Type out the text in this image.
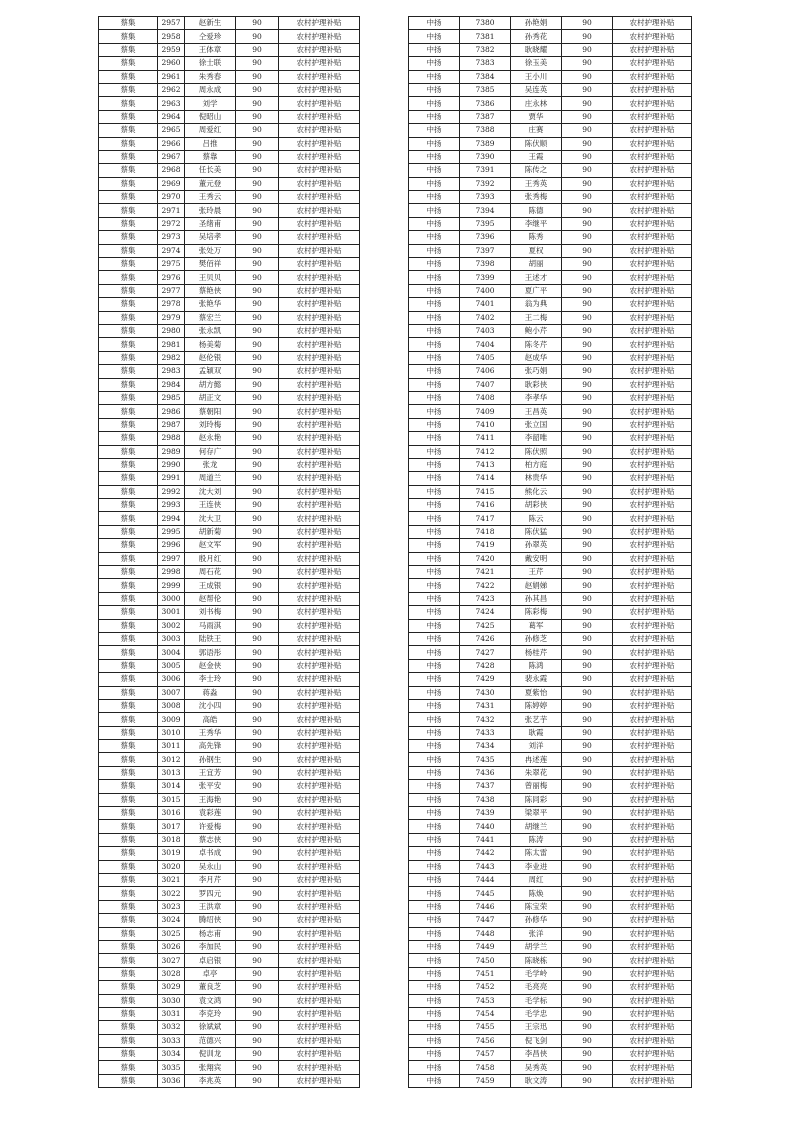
蔡集	2957	赵新生	90	农村护理补贴
蔡集	2958	仝爱珍	90	农村护理补贴
蔡集	2959	王体章	90	农村护理补贴
蔡集	2960	徐士联	90	农村护理补贴
蔡集	2961	朱秀春	90	农村护理补贴
蔡集	2962	周永成	90	农村护理补贴
蔡集	2963	刘学	90	农村护理补贴
蔡集	2964	倪昭山	90	农村护理补贴
蔡集	2965	周爱红	90	农村护理补贴
蔡集	2966	吕推	90	农村护理补贴
蔡集	2967	蔡靠	90	农村护理补贴
蔡集	2968	任长美	90	农村护理补贴
蔡集	2969	董元登	90	农村护理补贴
蔡集	2970	王秀云	90	农村护理补贴
蔡集	2971	张玲晨	90	农村护理补贴
蔡集	2972	圣绪甫	90	农村护理补贴
蔡集	2973	吴培孝	90	农村护理补贴
蔡集	2974	张处万	90	农村护理补贴
蔡集	2975	樊佰祥	90	农村护理补贴
蔡集	2976	王贝贝	90	农村护理补贴
蔡集	2977	蔡艳侠	90	农村护理补贴
蔡集	2978	张艳华	90	农村护理补贴
蔡集	2979	蔡宏兰	90	农村护理补贴
蔡集	2980	张永凯	90	农村护理补贴
蔡集	2981	杨美菊	90	农村护理补贴
蔡集	2982	赵伦银	90	农村护理补贴
蔡集	2983	孟颖双	90	农村护理补贴
蔡集	2984	胡方懿	90	农村护理补贴
蔡集	2985	胡正文	90	农村护理补贴
蔡集	2986	蔡朝阳	90	农村护理补贴
蔡集	2987	刘玲梅	90	农村护理补贴
蔡集	2988	赵永艳	90	农村护理补贴
蔡集	2989	何存广	90	农村护理补贴
蔡集	2990	张龙	90	农村护理补贴
蔡集	2991	周道兰	90	农村护理补贴
蔡集	2992	沈大刘	90	农村护理补贴
蔡集	2993	王连侠	90	农村护理补贴
蔡集	2994	沈大卫	90	农村护理补贴
蔡集	2995	胡新菊	90	农村护理补贴
蔡集	2996	赵文军	90	农村护理补贴
蔡集	2997	殷月红	90	农村护理补贴
蔡集	2998	周石花	90	农村护理补贴
蔡集	2999	王成银	90	农村护理补贴
蔡集	3000	赵帮伦	90	农村护理补贴
蔡集	3001	刘书梅	90	农村护理补贴
蔡集	3002	马雨淇	90	农村护理补贴
蔡集	3003	陆铁王	90	农村护理补贴
蔡集	3004	郭语彤	90	农村护理补贴
蔡集	3005	赵金侠	90	农村护理补贴
蔡集	3006	李士玲	90	农村护理补贴
蔡集	3007	蒋淼	90	农村护理补贴
蔡集	3008	沈小四	90	农村护理补贴
蔡集	3009	高皓	90	农村护理补贴
蔡集	3010	王秀华	90	农村护理补贴
蔡集	3011	高先锋	90	农村护理补贴
蔡集	3012	孙钢生	90	农村护理补贴
蔡集	3013	王宜芳	90	农村护理补贴
蔡集	3014	张平安	90	农村护理补贴
蔡集	3015	王海艳	90	农村护理补贴
蔡集	3016	袁彩莲	90	农村护理补贴
蔡集	3017	许爱梅	90	农村护理补贴
蔡集	3018	蔡志侠	90	农村护理补贴
蔡集	3019	卓书成	90	农村护理补贴
蔡集	3020	吴永山	90	农村护理补贴
蔡集	3021	李月芹	90	农村护理补贴
蔡集	3022	罗四元	90	农村护理补贴
蔡集	3023	王洪章	90	农村护理补贴
蔡集	3024	腾绍侠	90	农村护理补贴
蔡集	3025	杨志甫	90	农村护理补贴
蔡集	3026	李加民	90	农村护理补贴
蔡集	3027	卓启银	90	农村护理补贴
蔡集	3028	卓亭	90	农村护理补贴
蔡集	3029	董良芝	90	农村护理补贴
蔡集	3030	袁文鸿	90	农村护理补贴
蔡集	3031	李克玲	90	农村护理补贴
蔡集	3032	徐斌斌	90	农村护理补贴
蔡集	3033	范德兴	90	农村护理补贴
蔡集	3034	倪训龙	90	农村护理补贴
蔡集	3035	张翔宾	90	农村护理补贴
蔡集	3036	李兆英	90	农村护理补贴
中扬	7380	孙艳娟	90	农村护理补贴
中扬	7381	孙秀花	90	农村护理补贴
中扬	7382	耿晓耀	90	农村护理补贴
中扬	7383	徐玉美	90	农村护理补贴
中扬	7384	王小川	90	农村护理补贴
中扬	7385	吴连英	90	农村护理补贴
中扬	7386	庄永林	90	农村护理补贴
中扬	7387	贾华	90	农村护理补贴
中扬	7388	庄赛	90	农村护理补贴
中扬	7389	陈伏顺	90	农村护理补贴
中扬	7390	王霞	90	农村护理补贴
中扬	7391	陈传之	90	农村护理补贴
中扬	7392	王秀英	90	农村护理补贴
中扬	7393	张秀梅	90	农村护理补贴
中扬	7394	陈德	90	农村护理补贴
中扬	7395	李继平	90	农村护理补贴
中扬	7396	陈秀	90	农村护理补贴
中扬	7397	夏权	90	农村护理补贴
中扬	7398	胡丽	90	农村护理补贴
中扬	7399	王述才	90	农村护理补贴
中扬	7400	夏广平	90	农村护理补贴
中扬	7401	翁为典	90	农村护理补贴
中扬	7402	王二梅	90	农村护理补贴
中扬	7403	鲍小芹	90	农村护理补贴
中扬	7404	陈冬芹	90	农村护理补贴
中扬	7405	赵成华	90	农村护理补贴
中扬	7406	张巧娟	90	农村护理补贴
中扬	7407	耿彩侠	90	农村护理补贴
中扬	7408	李孝华	90	农村护理补贴
中扬	7409	王昌英	90	农村护理补贴
中扬	7410	张立国	90	农村护理补贴
中扬	7411	李韶唯	90	农村护理补贴
中扬	7412	陈伏照	90	农村护理补贴
中扬	7413	柏方庭	90	农村护理补贴
中扬	7414	林贵华	90	农村护理补贴
中扬	7415	熊化云	90	农村护理补贴
中扬	7416	胡彩侠	90	农村护理补贴
中扬	7417	陈云	90	农村护理补贴
中扬	7418	陈伏猛	90	农村护理补贴
中扬	7419	孙翠英	90	农村护理补贴
中扬	7420	戴安明	90	农村护理补贴
中扬	7421	王芹	90	农村护理补贴
中扬	7422	赵娟娣	90	农村护理补贴
中扬	7423	孙其昌	90	农村护理补贴
中扬	7424	陈彩梅	90	农村护理补贴
中扬	7425	葛军	90	农村护理补贴
中扬	7426	孙修芝	90	农村护理补贴
中扬	7427	杨桂芹	90	农村护理补贴
中扬	7428	陈鸿	90	农村护理补贴
中扬	7429	裴永霞	90	农村护理补贴
中扬	7430	夏紫怡	90	农村护理补贴
中扬	7431	陈婷婷	90	农村护理补贴
中扬	7432	张艺芋	90	农村护理补贴
中扬	7433	耿霞	90	农村护理补贴
中扬	7434	刘洋	90	农村护理补贴
中扬	7435	冉述莲	90	农村护理补贴
中扬	7436	朱翠花	90	农村护理补贴
中扬	7437	曾丽梅	90	农村护理补贴
中扬	7438	陈同彩	90	农村护理补贴
中扬	7439	梁翠平	90	农村护理补贴
中扬	7440	胡继兰	90	农村护理补贴
中扬	7441	陈涛	90	农村护理补贴
中扬	7442	陈太雷	90	农村护理补贴
中扬	7443	李业进	90	农村护理补贴
中扬	7444	周红	90	农村护理补贴
中扬	7445	陈焕	90	农村护理补贴
中扬	7446	陈宝荣	90	农村护理补贴
中扬	7447	孙修华	90	农村护理补贴
中扬	7448	张洋	90	农村护理补贴
中扬	7449	胡学兰	90	农村护理补贴
中扬	7450	陈晓栋	90	农村护理补贴
中扬	7451	毛学岭	90	农村护理补贴
中扬	7452	毛亮亮	90	农村护理补贴
中扬	7453	毛学标	90	农村护理补贴
中扬	7454	毛学忠	90	农村护理补贴
中扬	7455	王宗迅	90	农村护理补贴
中扬	7456	倪飞剑	90	农村护理补贴
中扬	7457	李昌侠	90	农村护理补贴
中扬	7458	吴秀英	90	农村护理补贴
中扬	7459	耿文涛	90	农村护理补贴
